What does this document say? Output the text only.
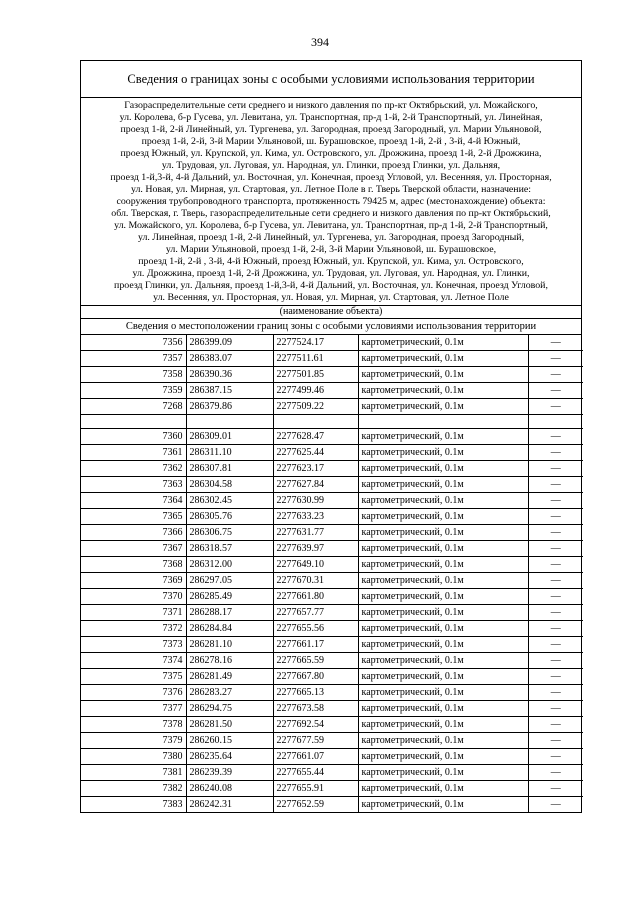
394
Сведения о границах зоны с особыми условиями использования территории
Газораспределительные сети среднего и низкого давления по пр-кт Октябрьский, ул. Можайского,
ул. Королева, б-р Гусева, ул. Левитана, ул. Транспортная, пр-д 1-й, 2-й Транспортный, ул. Линейная,
проезд 1-й, 2-й Линейный, ул. Тургенева, ул. Загородная, проезд Загородный, ул. Марии Ульяновой,
проезд 1-й, 2-й, 3-й Марии Ульяновой, ш. Бурашовское, проезд 1-й, 2-й , 3-й, 4-й Южный,
проезд Южный, ул. Крупской, ул. Кима, ул. Островского, ул. Дрожжина, проезд 1-й, 2-й Дрожжина,
ул. Трудовая, ул. Луговая, ул. Народная, ул. Глинки, проезд Глинки, ул. Дальняя,
проезд 1-й,3-й, 4-й Дальний, ул. Восточная, ул. Конечная, проезд Угловой, ул. Весенняя, ул. Просторная,
ул. Новая, ул. Мирная, ул. Стартовая, ул. Летное Поле в г. Тверь Тверской области, назначение:
сооружения трубопроводного транспорта, протяженность 79425 м, адрес (местонахождение) объекта:
обл. Тверская, г. Тверь, газораспределительные сети среднего и низкого давления по пр-кт Октябрьский,
ул. Можайского, ул. Королева, б-р Гусева, ул. Левитана, ул. Транспортная, пр-д 1-й, 2-й Транспортный,
ул. Линейная, проезд 1-й, 2-й Линейный, ул. Тургенева, ул. Загородная, проезд Загородный,
ул. Марии Ульяновой, проезд 1-й, 2-й, 3-й Марии Ульяновой, ш. Бурашовское,
проезд 1-й, 2-й , 3-й, 4-й Южный, проезд Южный, ул. Крупской, ул. Кима, ул. Островского,
ул. Дрожжина, проезд 1-й, 2-й Дрожжина, ул. Трудовая, ул. Луговая, ул. Народная, ул. Глинки,
проезд Глинки, ул. Дальняя, проезд 1-й,3-й, 4-й Дальний, ул. Восточная, ул. Конечная, проезд Угловой,
ул. Весенняя, ул. Просторная, ул. Новая, ул. Мирная, ул. Стартовая, ул. Летное Поле
(наименование объекта)
Сведения о местоположении границ зоны с особыми условиями использования территории
7356	286399.09	2277524.17	картометрический, 0.1м	—
7357	286383.07	2277511.61	картометрический, 0.1м	—
7358	286390.36	2277501.85	картометрический, 0.1м	—
7359	286387.15	2277499.46	картометрический, 0.1м	—
7268	286379.86	2277509.22	картометрический, 0.1м	—

7360	286309.01	2277628.47	картометрический, 0.1м	—
7361	286311.10	2277625.44	картометрический, 0.1м	—
7362	286307.81	2277623.17	картометрический, 0.1м	—
7363	286304.58	2277627.84	картометрический, 0.1м	—
7364	286302.45	2277630.99	картометрический, 0.1м	—
7365	286305.76	2277633.23	картометрический, 0.1м	—
7366	286306.75	2277631.77	картометрический, 0.1м	—
7367	286318.57	2277639.97	картометрический, 0.1м	—
7368	286312.00	2277649.10	картометрический, 0.1м	—
7369	286297.05	2277670.31	картометрический, 0.1м	—
7370	286285.49	2277661.80	картометрический, 0.1м	—
7371	286288.17	2277657.77	картометрический, 0.1м	—
7372	286284.84	2277655.56	картометрический, 0.1м	—
7373	286281.10	2277661.17	картометрический, 0.1м	—
7374	286278.16	2277665.59	картометрический, 0.1м	—
7375	286281.49	2277667.80	картометрический, 0.1м	—
7376	286283.27	2277665.13	картометрический, 0.1м	—
7377	286294.75	2277673.58	картометрический, 0.1м	—
7378	286281.50	2277692.54	картометрический, 0.1м	—
7379	286260.15	2277677.59	картометрический, 0.1м	—
7380	286235.64	2277661.07	картометрический, 0.1м	—
7381	286239.39	2277655.44	картометрический, 0.1м	—
7382	286240.08	2277655.91	картометрический, 0.1м	—
7383	286242.31	2277652.59	картометрический, 0.1м	—
